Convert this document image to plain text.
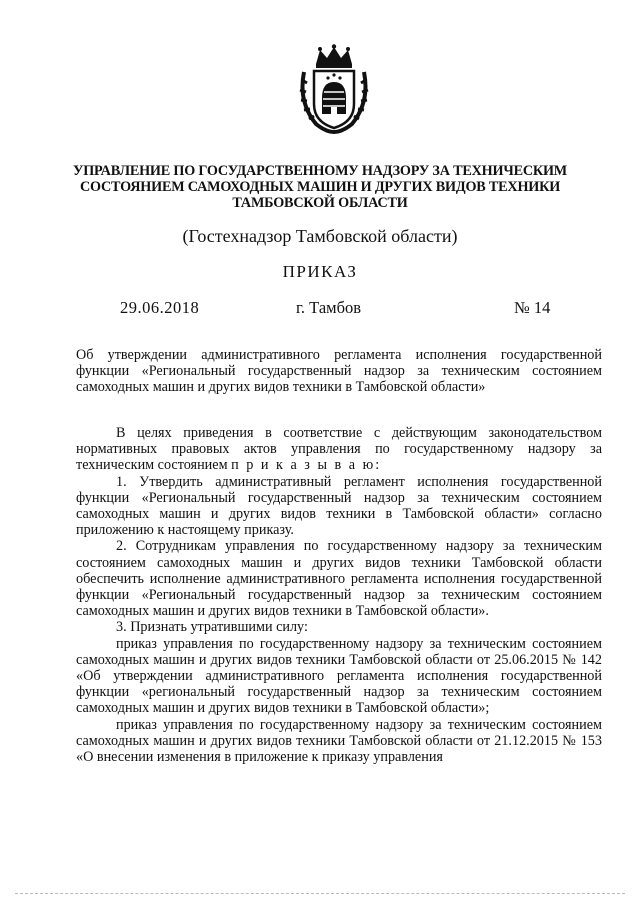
УПРАВЛЕНИЕ ПО ГОСУДАРСТВЕННОМУ НАДЗОРУ ЗА ТЕХНИЧЕСКИМ
СОСТОЯНИЕМ САМОХОДНЫХ МАШИН И ДРУГИХ ВИДОВ ТЕХНИКИ
ТАМБОВСКОЙ ОБЛАСТИ
(Гостехнадзор Тамбовской области)
ПРИКАЗ
29.06.2018	г. Тамбов	№ 14
Об утверждении административного регламента исполнения государственной функции «Региональный государственный надзор за техническим состоянием самоходных машин и других видов техники в Тамбовской области»

В целях приведения в соответствие с действующим законодательством нормативных правовых актов управления по государственному надзору за техническим состоянием п р и к а з ы в а ю:

1. Утвердить административный регламент исполнения государственной функции «Региональный государственный надзор за техническим состоянием самоходных машин и других видов техники в Тамбовской области» согласно приложению к настоящему приказу.

2. Сотрудникам управления по государственному надзору за техническим состоянием самоходных машин и других видов техники Тамбовской области обеспечить исполнение административного регламента исполнения государственной функции «Региональный государственный надзор за техническим состоянием самоходных машин и других видов техники в Тамбовской области».

3. Признать утратившими силу:

приказ управления по государственному надзору за техническим состоянием самоходных машин и других видов техники Тамбовской области от 25.06.2015 № 142 «Об утверждении административного регламента исполнения государственной функции «региональный государственный надзор за техническим состоянием самоходных машин и других видов техники в Тамбовской области»;

приказ управления по государственному надзору за техническим состоянием самоходных машин и других видов техники Тамбовской области от 21.12.2015 № 153 «О внесении изменения в приложение к приказу управления
